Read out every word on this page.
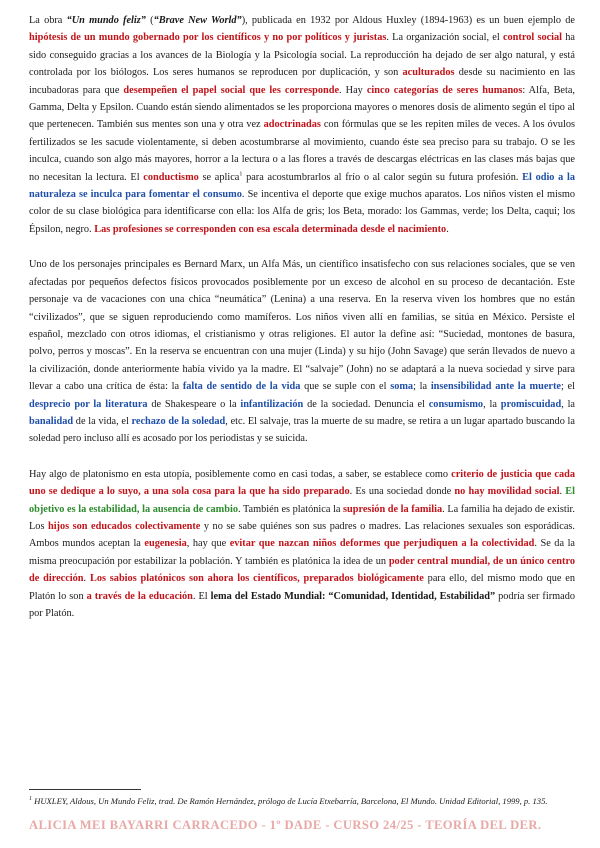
La obra “Un mundo feliz” (“Brave New World”), publicada en 1932 por Aldous Huxley (1894-1963) es un buen ejemplo de hipótesis de un mundo gobernado por los científicos y no por políticos y juristas. La organización social, el control social ha sido conseguido gracias a los avances de la Biología y la Psicología social. La reproducción ha dejado de ser algo natural, y está controlada por los biólogos. Los seres humanos se reproducen por duplicación, y son aculturados desde su nacimiento en las incubadoras para que desempeñen el papel social que les corresponde. Hay cinco categorías de seres humanos: Alfa, Beta, Gamma, Delta y Epsilon. Cuando están siendo alimentados se les proporciona mayores o menores dosis de alimento según el tipo al que pertenecen. También sus mentes son una y otra vez adoctrinadas con fórmulas que se les repiten miles de veces. A los óvulos fertilizados se les sacude violentamente, si deben acostumbrarse al movimiento, cuando éste sea preciso para su trabajo. O se les inculca, cuando son algo más mayores, horror a la lectura o a las flores a través de descargas eléctricas en las clases más bajas que no necesitan la lectura. El conductismo se aplica$^1$ para acostumbrarlos al frío o al calor según su futura profesión. El odio a la naturaleza se inculca para fomentar el consumo. Se incentiva el deporte que exige muchos aparatos. Los niños visten el mismo color de su clase biológica para identificarse con ella: los Alfa de gris; los Beta, morado: los Gammas, verde; los Delta, caqui; los Épsilon, negro. Las profesiones se corresponden con esa escala determinada desde el nacimiento.

Uno de los personajes principales es Bernard Marx, un Alfa Más, un científico insatisfecho con sus relaciones sociales, que se ven afectadas por pequeños defectos físicos provocados posiblemente por un exceso de alcohol en su proceso de decantación. Este personaje va de vacaciones con una chica “neumática” (Lenina) a una reserva. En la reserva viven los hombres que no están “civilizados”, que se siguen reproduciendo como mamíferos. Los niños viven allí en familias, se sitúa en México. Persiste el español, mezclado con otros idiomas, el cristianismo y otras religiones. El autor la define así: “Suciedad, montones de basura, polvo, perros y moscas”. En la reserva se encuentran con una mujer (Linda) y su hijo (John Savage) que serán llevados de nuevo a la civilización, donde anteriormente había vivido ya la madre. El “salvaje” (John) no se adaptará a la nueva sociedad y sirve para llevar a cabo una crítica de ésta: la falta de sentido de la vida que se suple con el soma; la insensibilidad ante la muerte; el desprecio por la literatura de Shakespeare o la infantilización de la sociedad. Denuncia el consumismo, la promiscuidad, la banalidad de la vida, el rechazo de la soledad, etc. El salvaje, tras la muerte de su madre, se retira a un lugar apartado buscando la soledad pero incluso allí es acosado por los periodistas y se suicida.

Hay algo de platonismo en esta utopía, posiblemente como en casi todas, a saber, se establece como criterio de justicia que cada uno se dedique a lo suyo, a una sola cosa para la que ha sido preparado. Es una sociedad donde no hay movilidad social. El objetivo es la estabilidad, la ausencia de cambio. También es platónica la supresión de la familia. La familia ha dejado de existir. Los hijos son educados colectivamente y no se sabe quiénes son sus padres o madres. Las relaciones sexuales son esporádicas. Ambos mundos aceptan la eugenesia, hay que evitar que nazcan niños deformes que perjudiquen a la colectividad. Se da la misma preocupación por estabilizar la población. Y también es platónica la idea de un poder central mundial, de un único centro de dirección. Los sabios platónicos son ahora los científicos, preparados biológicamente para ello, del mismo modo que en Platón lo son a través de la educación. El lema del Estado Mundial: “Comunidad, Identidad, Estabilidad” podría ser firmado por Platón.

$^1$ HUXLEY, Aldous, Un Mundo Feliz, trad. De Ramón Hernández, prólogo de Lucía Etxebarría, Barcelona, El Mundo. Unidad Editorial, 1999, p. 135.
ALICIA MEI BAYARRI CARRACEDO - 1º DADE - CURSO 24/25 - TEORÍA DEL DER.
